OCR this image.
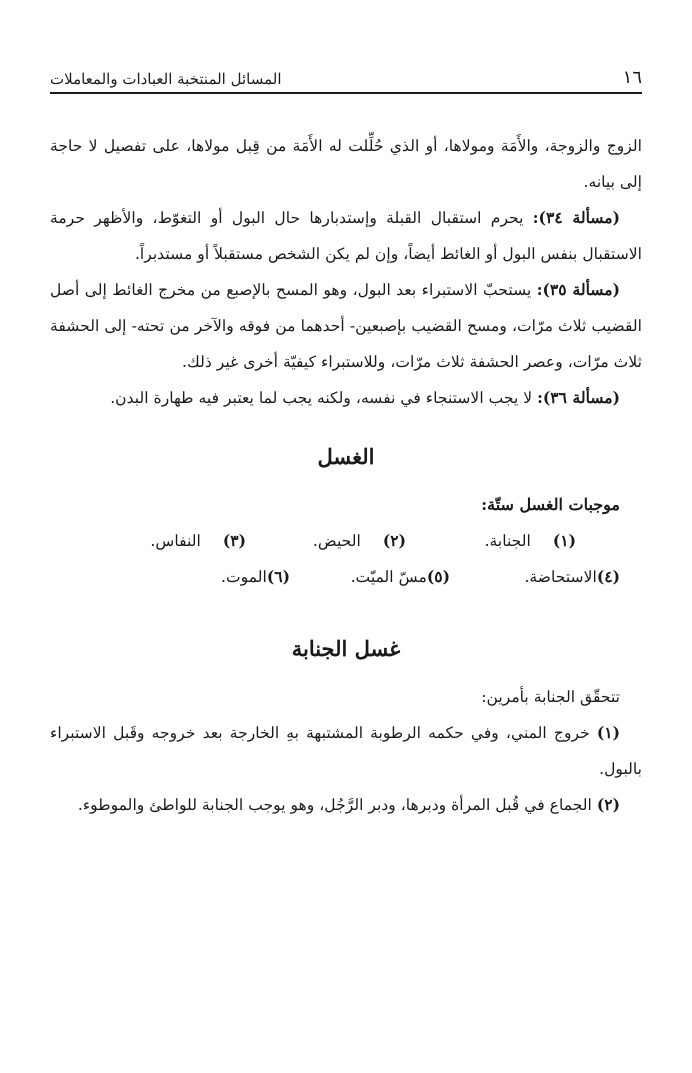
١٦
المسائل المنتخبة العبادات والمعاملات

الزوج والزوجة، والأَمَة ومولاها، أو الذي حُلِّلت له الأَمَة من قِبل مولاها، على تفصيل لا حاجة إلى بيانه.

(مسألة ٣٤): يحرم استقبال القبلة وإستدبارها حال البول أو التغوّط، والأظهر حرمة الاستقبال بنفس البول أو الغائط أيضاً، وإن لم يكن الشخص مستقبلاً أو مستدبراً.

(مسألة ٣٥): يستحبّ الاستبراء بعد البول، وهو المسح بالإصبع من مخرج الغائط إلى أصل القضيب ثلاث مرّات، ومسح القضيب بإصبعين- أحدهما من فوقه والآخر من تحته- إلى الحشفة ثلاث مرّات، وعصر الحشفة ثلاث مرّات، وللاستبراء كيفيّة أخرى غير ذلك.

(مسألة ٣٦): لا يجب الاستنجاء في نفسه، ولكنه يجب لما يعتبر فيه طهارة البدن.

الغسل

موجبات الغسل ستّة:

(١)الجنابة.
(٢)الحيض.
(٣)النفاس.
(٤)الاستحاضة.
(٥)مسّ الميّت.
(٦)الموت.
غسل الجنابة

تتحقّق الجنابة بأمرين:

(١) خروج المني، وفي حكمه الرطوبة المشتبهة بهِ الخارجة بعد خروجه وقَبل الاستبراء بالبول.

(٢) الجماع في قُبل المرأة ودبرها، ودبر الرَّجُل، وهو يوجب الجنابة للواطئ والموطوء.
